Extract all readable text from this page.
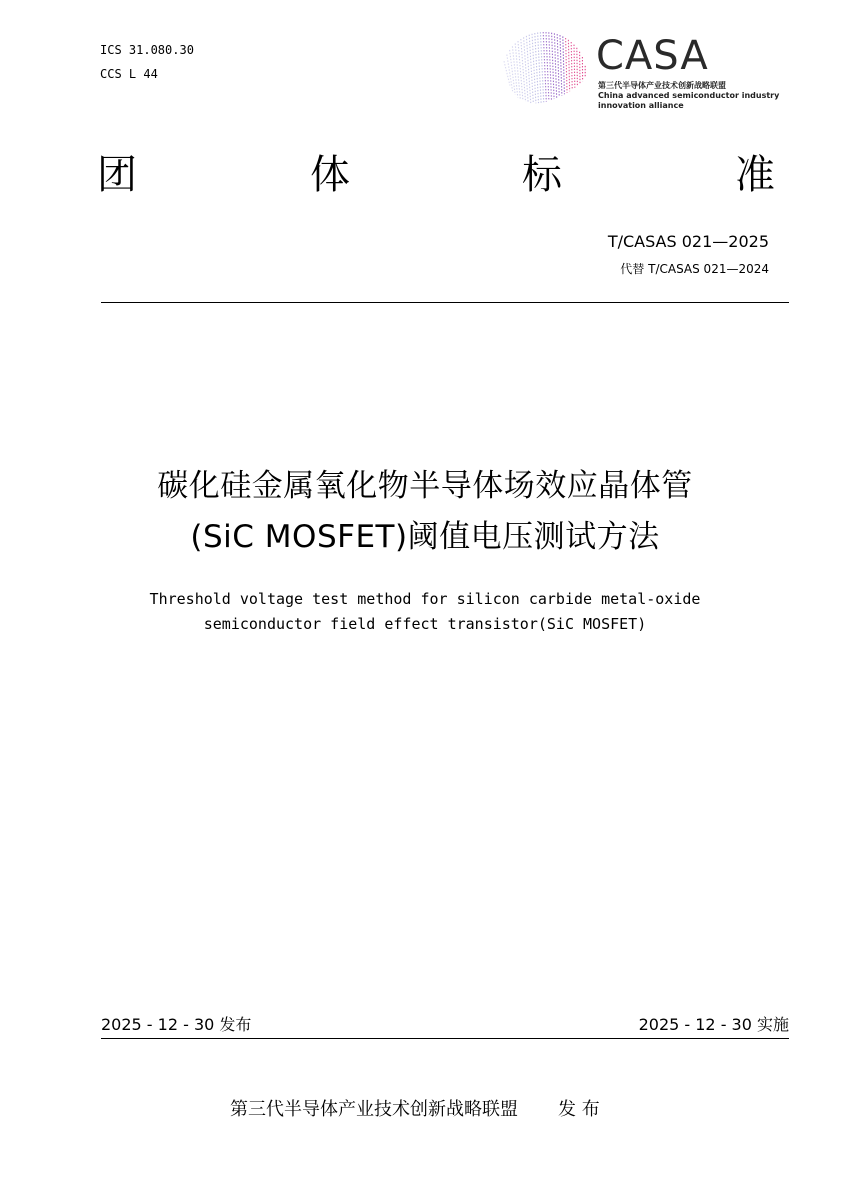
ICS 31.080.30
CCS L 44	CASA
第三代半导体产业技术创新战略联盟
China advanced semiconductor industry
innovation alliance
团	体	标	准
T/CASAS 021—2025
代替 T/CASAS 021—2024
碳化硅金属氧化物半导体场效应晶体管
(SiC MOSFET)阈值电压测试方法
Threshold voltage test method for silicon carbide metal-oxide
semiconductor field effect transistor(SiC MOSFET)
2025 - 12 - 30 发布	2025 - 12 - 30 实施
第三代半导体产业技术创新战略联盟 发 布
